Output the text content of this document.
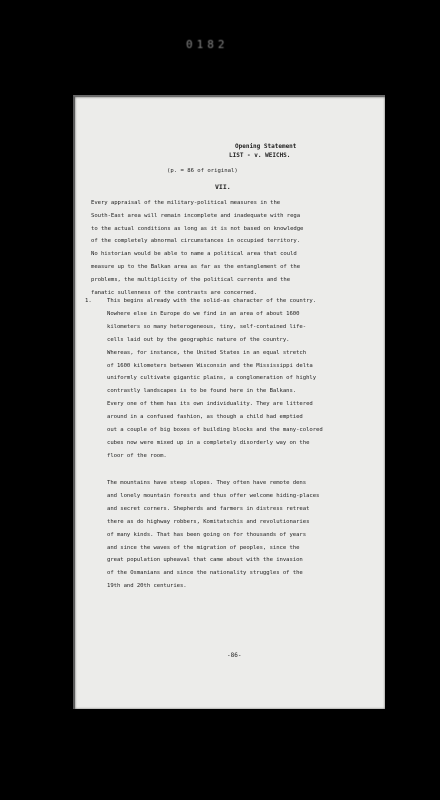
0182
Opening Statement
LIST - v. WEICHS.
(p. = 86 of original)
VII.
Every appraisal of the military-political measures in the
South-East area will remain incomplete and inadequate with rega
to the actual conditions as long as it is not based on knowledge
of the completely abnormal circumstances in occupied territory.
No historian would be able to name a political area that could
measure up to the Balkan area as far as the entanglement of the
problems, the multiplicity of the political currents and the
fanatic sullenness of the contrasts are concerned.
1.	This begins already with the solid-as character of the country.
Nowhere else in Europe do we find in an area of about 1600
kilometers so many heterogeneous, tiny, self-contained life-
cells laid out by the geographic nature of the country.
Whereas, for instance, the United States in an equal stretch
of 1600 kilometers between Wisconsin and the Mississippi delta
uniformly cultivate gigantic plains, a conglomeration of highly
contrastly landscapes is to be found here in the Balkans.
Every one of them has its own individuality. They are littered
around in a confused fashion, as though a child had emptied
out a couple of big boxes of building blocks and the many-colored
cubes now were mixed up in a completely disorderly way on the
floor of the room.
The mountains have steep slopes. They often have remote dens
and lonely mountain forests and thus offer welcome hiding-places
and secret corners. Shepherds and farmers in distress retreat
there as do highway robbers, Komitatschis and revolutionaries
of many kinds. That has been going on for thousands of years
and since the waves of the migration of peoples, since the
great population upheaval that came about with the invasion
of the Osmanians and since the nationality struggles of the
19th and 20th centuries.
-86-
